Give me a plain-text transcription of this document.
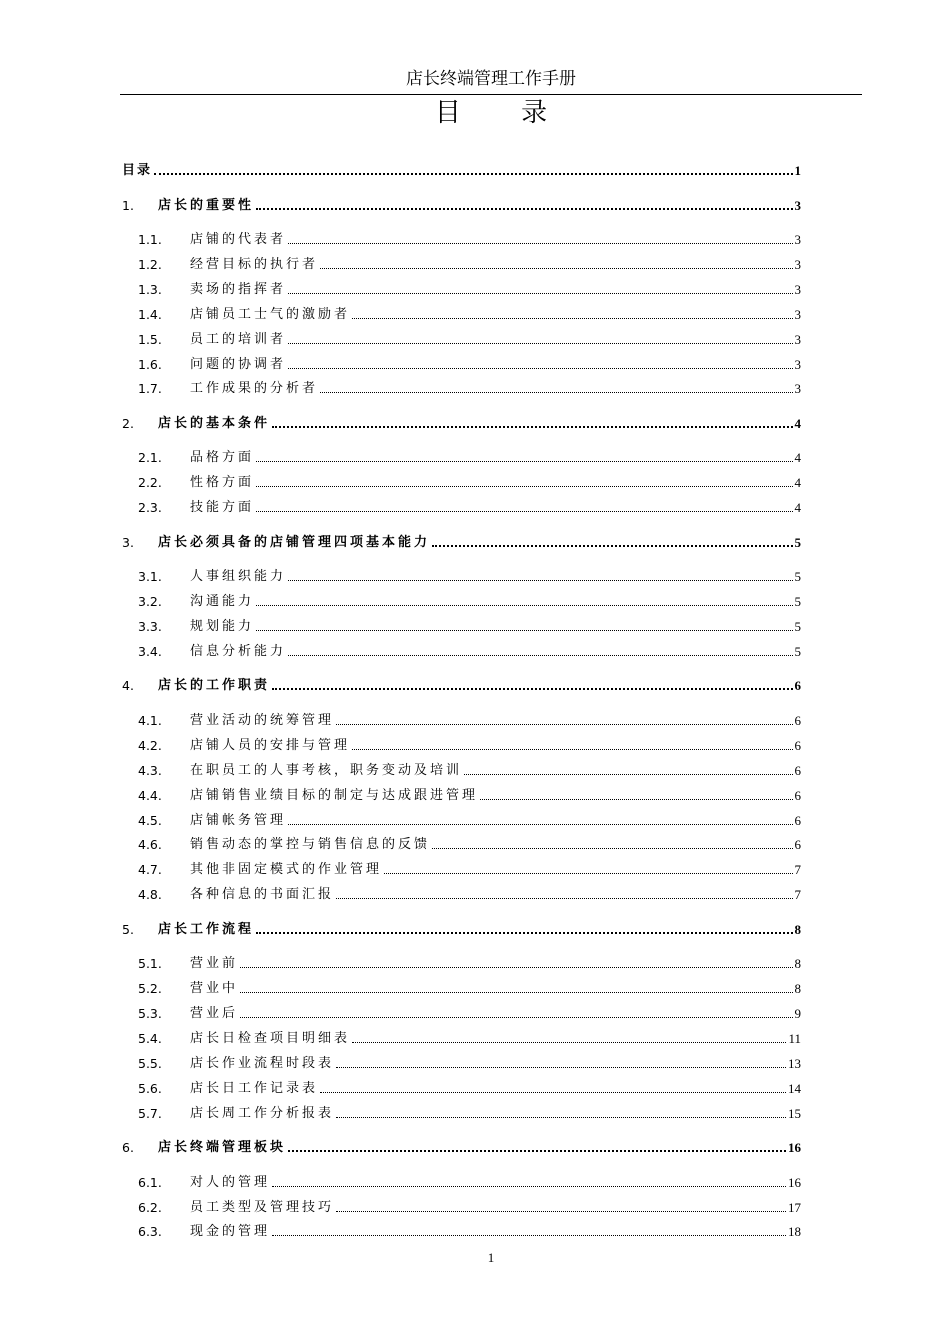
店长终端管理工作手册
目 录
目录	1
1.	店长的重要性	3
1.1.	店铺的代表者	3
1.2.	经营目标的执行者	3
1.3.	卖场的指挥者	3
1.4.	店铺员工士气的激励者	3
1.5.	员工的培训者	3
1.6.	问题的协调者	3
1.7.	工作成果的分析者	3
2.	店长的基本条件	4
2.1.	品格方面	4
2.2.	性格方面	4
2.3.	技能方面	4
3.	店长必须具备的店铺管理四项基本能力	5
3.1.	人事组织能力	5
3.2.	沟通能力	5
3.3.	规划能力	5
3.4.	信息分析能力	5
4.	店长的工作职责	6
4.1.	营业活动的统筹管理	6
4.2.	店铺人员的安排与管理	6
4.3.	在职员工的人事考核，职务变动及培训	6
4.4.	店铺销售业绩目标的制定与达成跟进管理	6
4.5.	店铺帐务管理	6
4.6.	销售动态的掌控与销售信息的反馈	6
4.7.	其他非固定模式的作业管理	7
4.8.	各种信息的书面汇报	7
5.	店长工作流程	8
5.1.	营业前	8
5.2.	营业中	8
5.3.	营业后	9
5.4.	店长日检查项目明细表	11
5.5.	店长作业流程时段表	13
5.6.	店长日工作记录表	14
5.7.	店长周工作分析报表	15
6.	店长终端管理板块	16
6.1.	对人的管理	16
6.2.	员工类型及管理技巧	17
6.3.	现金的管理	18
1
